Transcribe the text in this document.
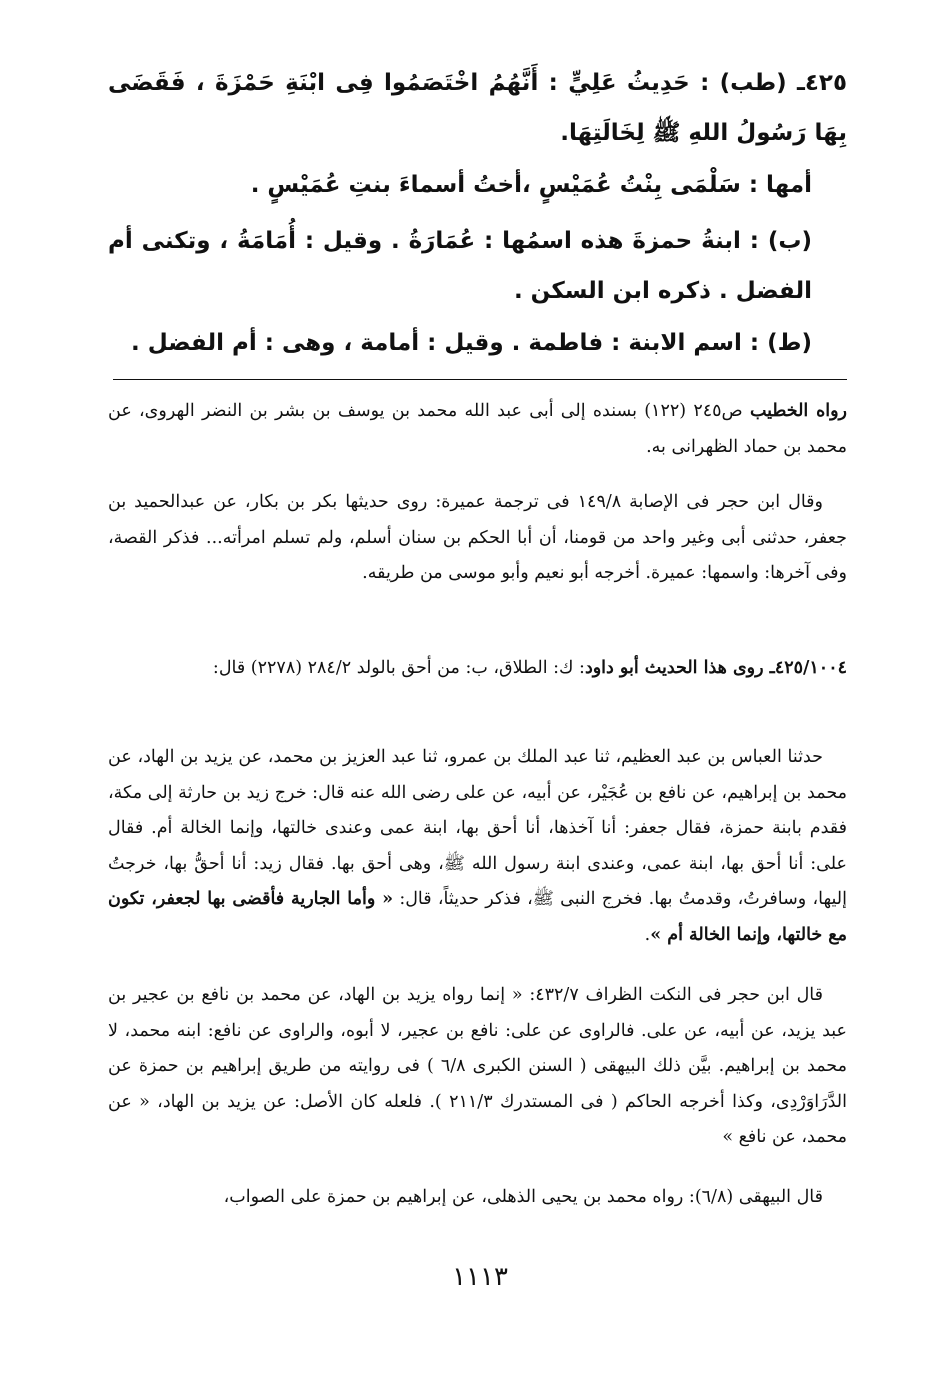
٤٢٥ـ (طب) : حَدِيثُ عَلِيٍّ : أَنَّهُمُ اخْتَصَمُوا فِى ابْنَةِ حَمْزَةَ ، فَقَضَى بِهَا رَسُولُ اللهِ ﷺ لِخَالَتِهَا.
أمها : سَلْمَى بِنْتُ عُمَيْسٍ ،أختُ أسماءَ بنتِ عُمَيْسٍ .
(ب) : ابنةُ حمزةَ هذه اسمُها : عُمَارَةُ . وقيل : أُمَامَةُ ، وتكنى أم الفضل . ذكره ابن السكن .
(ط) : اسم الابنة : فاطمة . وقيل : أمامة ، وهى : أم الفضل .
رواه الخطيب ص٢٤٥ (١٢٢) بسنده إلى أبى عبد الله محمد بن يوسف بن بشر بن النضر الهروى، عن محمد بن حماد الظهرانى به.
وقال ابن حجر فى الإصابة ١٤٩/٨ فى ترجمة عميرة: روى حديثها بكر بن بكار، عن عبدالحميد بن جعفر، حدثنى أبى وغير واحد من قومنا، أن أبا الحكم بن سنان أسلم، ولم تسلم امرأته... فذكر القصة، وفى آخرها: واسمها: عميرة. أخرجه أبو نعيم وأبو موسى من طريقه.
٤٢٥/١٠٠٤ـ روى هذا الحديث أبو داود: ك: الطلاق، ب: من أحق بالولد ٢٨٤/٢ (٢٢٧٨) قال:
حدثنا العباس بن عبد العظيم، ثنا عبد الملك بن عمرو، ثنا عبد العزيز بن محمد، عن يزيد بن الهاد، عن محمد بن إبراهيم، عن نافع بن عُجَيْر، عن أبيه، عن على رضى الله عنه قال: خرج زيد بن حارثة إلى مكة، فقدم بابنة حمزة، فقال جعفر: أنا آخذها، أنا أحق بها، ابنة عمى وعندى خالتها، وإنما الخالة أم. فقال على: أنا أحق بها، ابنة عمى، وعندى ابنة رسول الله ﷺ، وهى أحق بها. فقال زيد: أنا أحقُّ بها، خرجتُ إليها، وسافرتُ، وقدمتُ بها. فخرج النبى ﷺ، فذكر حديثاً، قال: « وأما الجارية فأقضى بها لجعفر، تكون مع خالتها، وإنما الخالة أم ».
قال ابن حجر فى النكت الظراف ٤٣٢/٧: « إنما رواه يزيد بن الهاد، عن محمد بن نافع بن عجير بن عبد يزيد، عن أبيه، عن على. فالراوى عن على: نافع بن عجير، لا أبوه، والراوى عن نافع: ابنه محمد، لا محمد بن إبراهيم. بيَّن ذلك البيهقى ( السنن الكبرى ٦/٨ ) فى روايته من طريق إبراهيم بن حمزة عن الدَّرَاوَرْدِى، وكذا أخرجه الحاكم ( فى المستدرك ٢١١/٣ ). فلعله كان الأصل: عن يزيد بن الهاد، « عن محمد، عن نافع »
قال البيهقى (٦/٨): رواه محمد بن يحيى الذهلى، عن إبراهيم بن حمزة على الصواب،
١١١٣
